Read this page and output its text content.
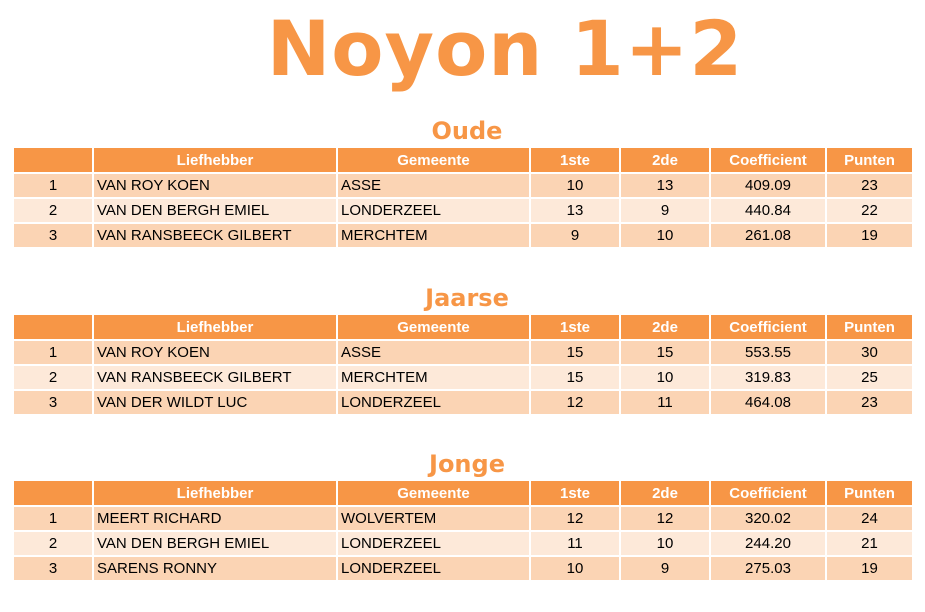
Noyon 1+2
Oude
	Liefhebber	Gemeente	1ste	2de	Coefficient	Punten
1	VAN ROY KOEN	ASSE	10	13	409.09	23
2	VAN DEN BERGH EMIEL	LONDERZEEL	13	9	440.84	22
3	VAN RANSBEECK GILBERT	MERCHTEM	9	10	261.08	19
Jaarse
	Liefhebber	Gemeente	1ste	2de	Coefficient	Punten
1	VAN ROY KOEN	ASSE	15	15	553.55	30
2	VAN RANSBEECK GILBERT	MERCHTEM	15	10	319.83	25
3	VAN DER WILDT LUC	LONDERZEEL	12	11	464.08	23
Jonge
	Liefhebber	Gemeente	1ste	2de	Coefficient	Punten
1	MEERT RICHARD	WOLVERTEM	12	12	320.02	24
2	VAN DEN BERGH EMIEL	LONDERZEEL	11	10	244.20	21
3	SARENS RONNY	LONDERZEEL	10	9	275.03	19
